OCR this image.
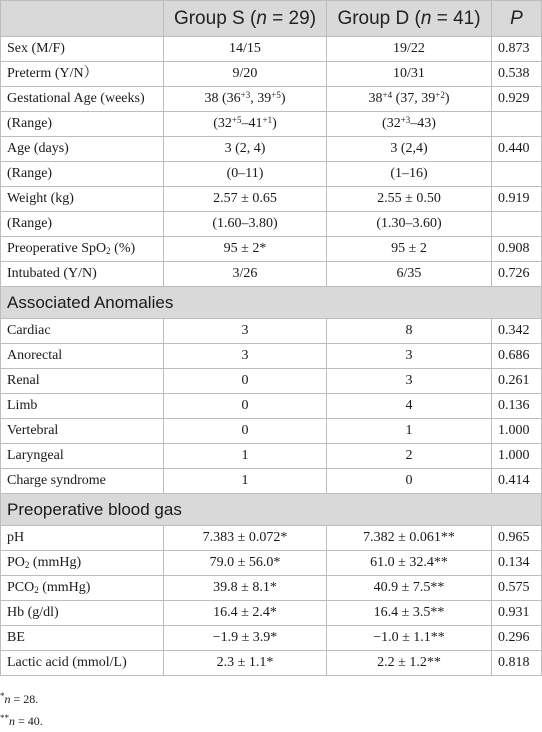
	Group S (n = 29)	Group D (n = 41)	P
Sex (M/F)	14/15	19/22	0.873
Preterm (Y/N）	9/20	10/31	0.538
Gestational Age (weeks)	38 ($36^{+3}$, $39^{+5}$)	$38^{+4}$ (37, $39^{+2}$)	0.929
(Range)	$(32^{+5}-41^{+1})$	$(32^{+3}-43)$	
Age (days)	3 (2, 4)	3 (2,4)	0.440
(Range)	(0–11)	(1–16)	
Weight (kg)	2.57 ± 0.65	2.55 ± 0.50	0.919
(Range)	(1.60–3.80)	(1.30–3.60)	
Preoperative SpO$_2$ (%)	95 ± 2*	95 ± 2	0.908
Intubated (Y/N)	3/26	6/35	0.726
Associated Anomalies			
Cardiac	3	8	0.342
Anorectal	3	3	0.686
Renal	0	3	0.261
Limb	0	4	0.136
Vertebral	0	1	1.000
Laryngeal	1	2	1.000
Charge syndrome	1	0	0.414
Preoperative blood gas			
pH	7.383 ± 0.072*	7.382 ± 0.061**	0.965
$PO_2$ (mmHg)	79.0 ± 56.0*	61.0 ± 32.4**	0.134
$PCO_2$ (mmHg)	39.8 ± 8.1*	40.9 ± 7.5**	0.575
Hb (g/dl)	16.4 ± 2.4*	16.4 ± 3.5**	0.931
BE	−1.9 ± 3.9*	−1.0 ± 1.1**	0.296
Lactic acid (mmol/L)	2.3 ± 1.1*	2.2 ± 1.2**	0.818
*n = 28.
**n = 40.
